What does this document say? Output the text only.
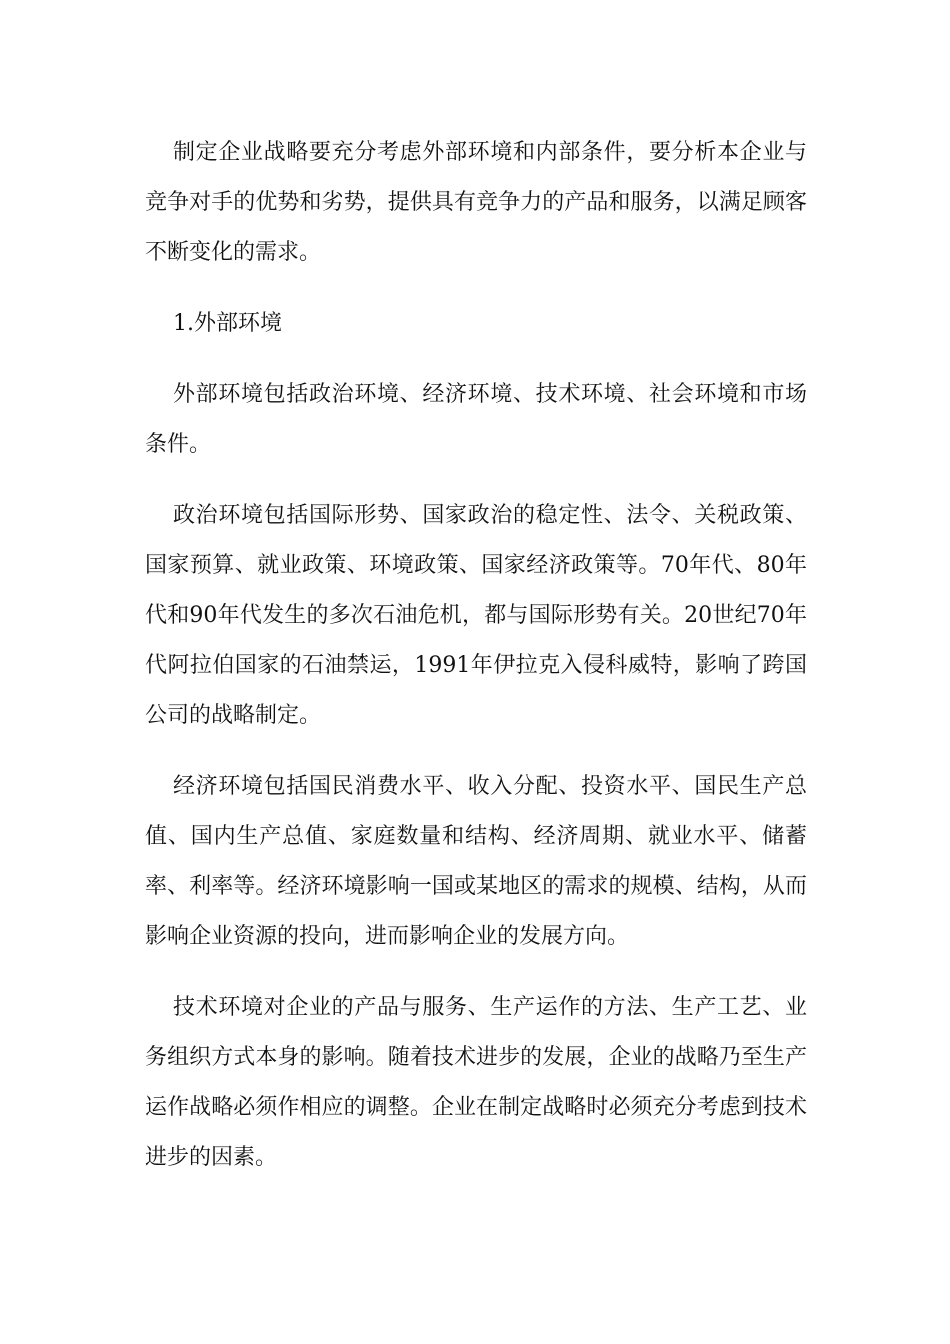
制定企业战略要充分考虑外部环境和内部条件，要分析本企业与竞争对手的优势和劣势，提供具有竞争力的产品和服务，以满足顾客不断变化的需求。

1.外部环境

外部环境包括政治环境、经济环境、技术环境、社会环境和市场条件。

政治环境包括国际形势、国家政治的稳定性、法令、关税政策、国家预算、就业政策、环境政策、国家经济政策等。70年代、80年代和90年代发生的多次石油危机，都与国际形势有关。20世纪70年代阿拉伯国家的石油禁运，1991年伊拉克入侵科威特，影响了跨国公司的战略制定。

经济环境包括国民消费水平、收入分配、投资水平、国民生产总值、国内生产总值、家庭数量和结构、经济周期、就业水平、储蓄率、利率等。经济环境影响一国或某地区的需求的规模、结构，从而影响企业资源的投向，进而影响企业的发展方向。

技术环境对企业的产品与服务、生产运作的方法、生产工艺、业务组织方式本身的影响。随着技术进步的发展，企业的战略乃至生产运作战略必须作相应的调整。企业在制定战略时必须充分考虑到技术进步的因素。
